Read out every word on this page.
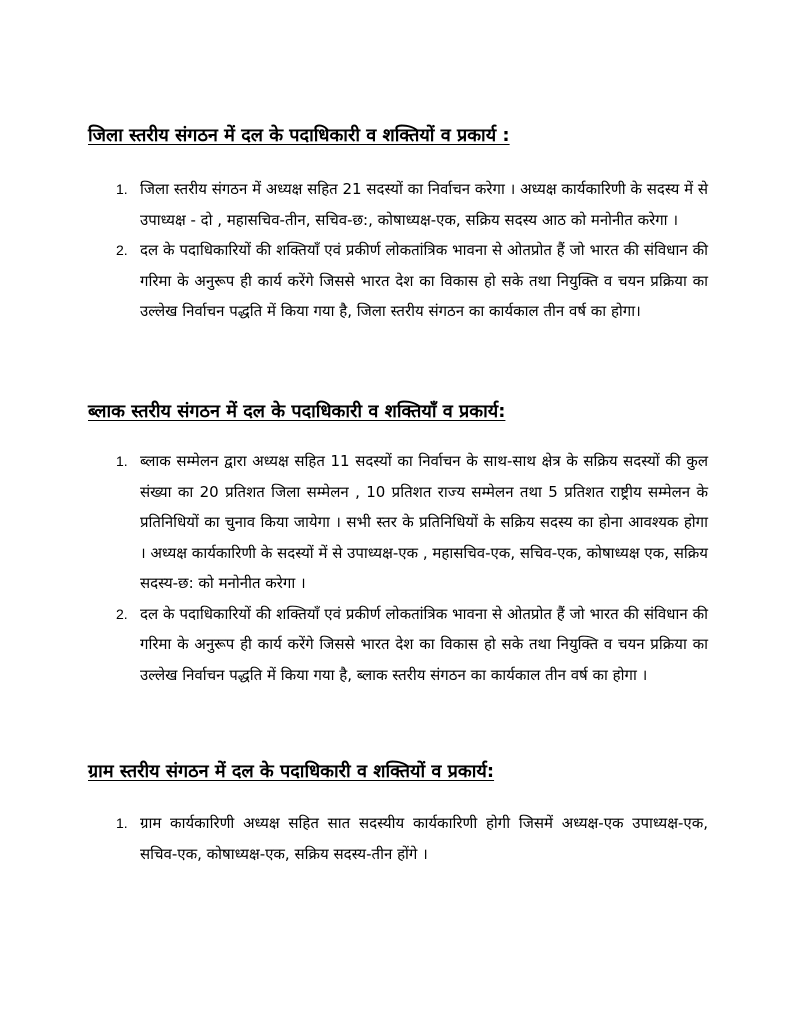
जिला स्तरीय संगठन में दल के पदाधिकारी व शक्तियों व प्रकार्य :
1. जिला स्तरीय संगठन में अध्यक्ष सहित 21 सदस्यों का निर्वाचन करेगा । अध्यक्ष कार्यकारिणी के सदस्य में से उपाध्यक्ष - दो , महासचिव-तीन, सचिव-छ:, कोषाध्यक्ष-एक, सक्रिय सदस्य आठ को मनोनीत करेगा ।
2. दल के पदाधिकारियों की शक्तियाँ एवं प्रकीर्ण लोकतांत्रिक भावना से ओतप्रोत हैं जो भारत की संविधान की गरिमा के अनुरूप ही कार्य करेंगे जिससे भारत देश का विकास हो सके तथा नियुक्ति व चयन प्रक्रिया का उल्लेख निर्वाचन पद्धति में किया गया है, जिला स्तरीय संगठन का कार्यकाल तीन वर्ष का होगा।
ब्लाक स्तरीय संगठन में दल के पदाधिकारी व शक्तियाँ व प्रकार्य:
1. ब्लाक सम्मेलन द्वारा अध्यक्ष सहित 11 सदस्यों का निर्वाचन के साथ-साथ क्षेत्र के सक्रिय सदस्यों की कुल संख्या का 20 प्रतिशत जिला सम्मेलन , 10 प्रतिशत राज्य सम्मेलन तथा 5 प्रतिशत राष्ट्रीय सम्मेलन के प्रतिनिधियों का चुनाव किया जायेगा । सभी स्तर के प्रतिनिधियों के सक्रिय सदस्य का होना आवश्यक होगा । अध्यक्ष कार्यकारिणी के सदस्यों में से उपाध्यक्ष-एक , महासचिव-एक, सचिव-एक, कोषाध्यक्ष एक, सक्रिय सदस्य-छ: को मनोनीत करेगा ।
2. दल के पदाधिकारियों की शक्तियाँ एवं प्रकीर्ण लोकतांत्रिक भावना से ओतप्रोत हैं जो भारत की संविधान की गरिमा के अनुरूप ही कार्य करेंगे जिससे भारत देश का विकास हो सके तथा नियुक्ति व चयन प्रक्रिया का उल्लेख निर्वाचन पद्धति में किया गया है, ब्लाक स्तरीय संगठन का कार्यकाल तीन वर्ष का होगा ।
ग्राम स्तरीय संगठन में दल के पदाधिकारी व शक्तियों व प्रकार्य:
1. ग्राम कार्यकारिणी अध्यक्ष सहित सात सदस्यीय कार्यकारिणी होगी जिसमें अध्यक्ष-एक उपाध्यक्ष-एक, सचिव-एक, कोषाध्यक्ष-एक, सक्रिय सदस्य-तीन होंगे ।
